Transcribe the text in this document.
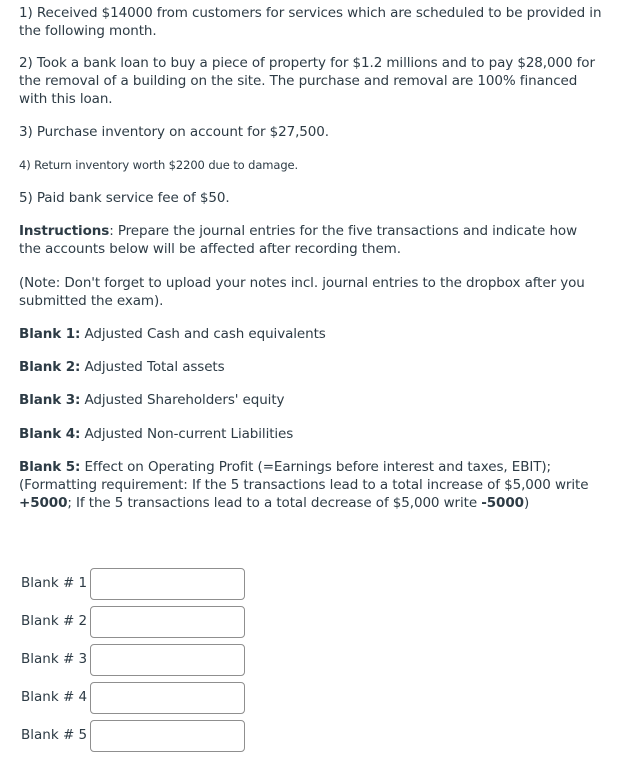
1) Received $14000 from customers for services which are scheduled to be provided in the following month.

2) Took a bank loan to buy a piece of property for $1.2 millions and to pay $28,000 for the removal of a building on the site. The purchase and removal are 100% financed with this loan.

3) Purchase inventory on account for $27,500.

4) Return inventory worth $2200 due to damage.

5) Paid bank service fee of $50.

Instructions: Prepare the journal entries for the five transactions and indicate how the accounts below will be affected after recording them.

(Note: Don't forget to upload your notes incl. journal entries to the dropbox after you submitted the exam).

Blank 1: Adjusted Cash and cash equivalents

Blank 2: Adjusted Total assets

Blank 3: Adjusted Shareholders' equity

Blank 4: Adjusted Non-current Liabilities

Blank 5: Effect on Operating Profit (=Earnings before interest and taxes, EBIT); (Formatting requirement: If the 5 transactions lead to a total increase of $5,000 write +5000; If the 5 transactions lead to a total decrease of $5,000 write -5000)

Blank # 1
Blank # 2
Blank # 3
Blank # 4
Blank # 5
